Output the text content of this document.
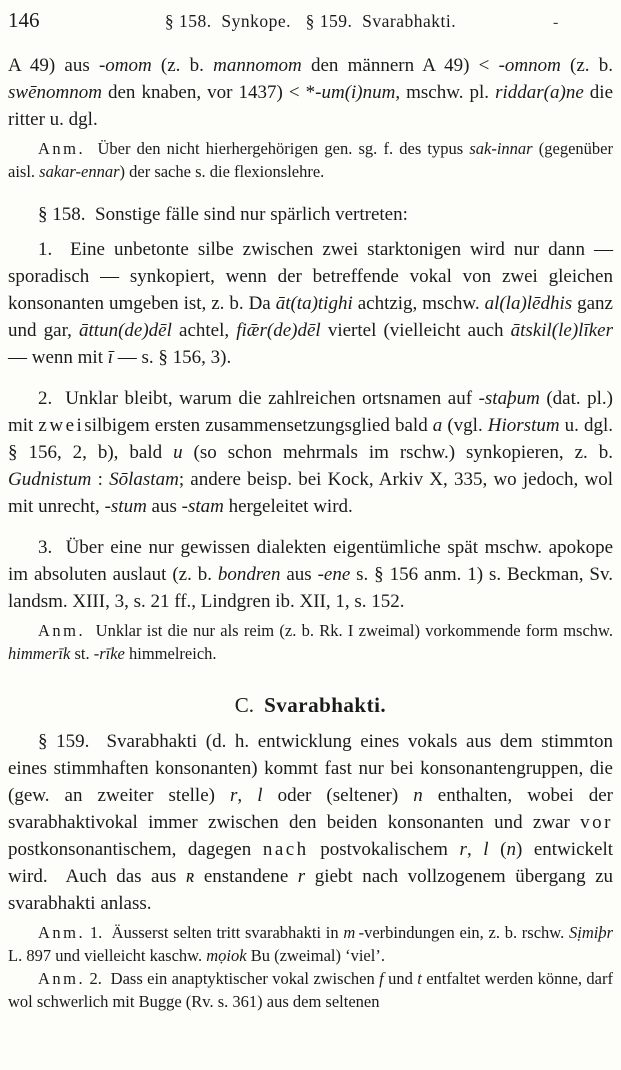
146	§ 158.  Synkope.   § 159.  Svarabhakti.	-

A 49) aus -omom (z. b. mannomom den männern A 49) < -omnom (z. b. swēnomnom den knaben, vor 1437) < *-um(i)num, mschw. pl. riddar(a)ne die ritter u. dgl.

Anm.  Über den nicht hierhergehörigen gen. sg. f. des typus sak-innar (gegenüber aisl. sakar-ennar) der sache s. die flexionslehre.

§ 158.  Sonstige fälle sind nur spärlich vertreten:

1.  Eine unbetonte silbe zwischen zwei starktonigen wird nur dann — sporadisch — synkopiert, wenn der betreffende vokal von zwei gleichen konsonanten umgeben ist, z. b. Da āt(ta)tighi achtzig, mschw. al(la)lēdhis ganz und gar, āttun(de)dēl achtel, fiǣr(de)dēl viertel (vielleicht auch ātskil(le)līker — wenn mit ī — s. § 156, 3).

2.  Unklar bleibt, warum die zahlreichen ortsnamen auf -staþum (dat. pl.) mit zweisilbigem ersten zusammensetzungsglied bald a (vgl. Hiorstum u. dgl. § 156, 2, b), bald u (so schon mehrmals im rschw.) synkopieren, z. b. Gudnistum : Sōlastam; andere beisp. bei Kock, Arkiv X, 335, wo jedoch, wol mit unrecht, -stum aus -stam hergeleitet wird.

3.  Über eine nur gewissen dialekten eigentümliche spät mschw. apokope im absoluten auslaut (z. b. bondren aus -ene s. § 156 anm. 1) s. Beckman, Sv. landsm. XIII, 3, s. 21 ff., Lindgren ib. XII, 1, s. 152.

Anm.  Unklar ist die nur als reim (z. b. Rk. I zweimal) vorkommende form mschw. himmerīk st. -rīke himmelreich.

C. Svarabhakti.

§ 159.  Svarabhakti (d. h. entwicklung eines vokals aus dem stimmton eines stimmhaften konsonanten) kommt fast nur bei konsonantengruppen, die (gew. an zweiter stelle) r, l oder (seltener) n enthalten, wobei der svarabhaktivokal immer zwischen den beiden konsonanten und zwar vor postkonsonantischem, dagegen nach postvokalischem r, l (n) entwickelt wird.  Auch das aus ʀ enstandene r giebt nach vollzogenem übergang zu svarabhakti anlass.

Anm. 1.  Äusserst selten tritt svarabhakti in m -verbindungen ein, z. b. rschw. Sịmiþr L. 897 und vielleicht kaschw. mọiok Bu (zweimal) ‘viel’.

Anm. 2.  Dass ein anaptyktischer vokal zwischen f und t entfaltet werden könne, darf wol schwerlich mit Bugge (Rv. s. 361) aus dem seltenen
